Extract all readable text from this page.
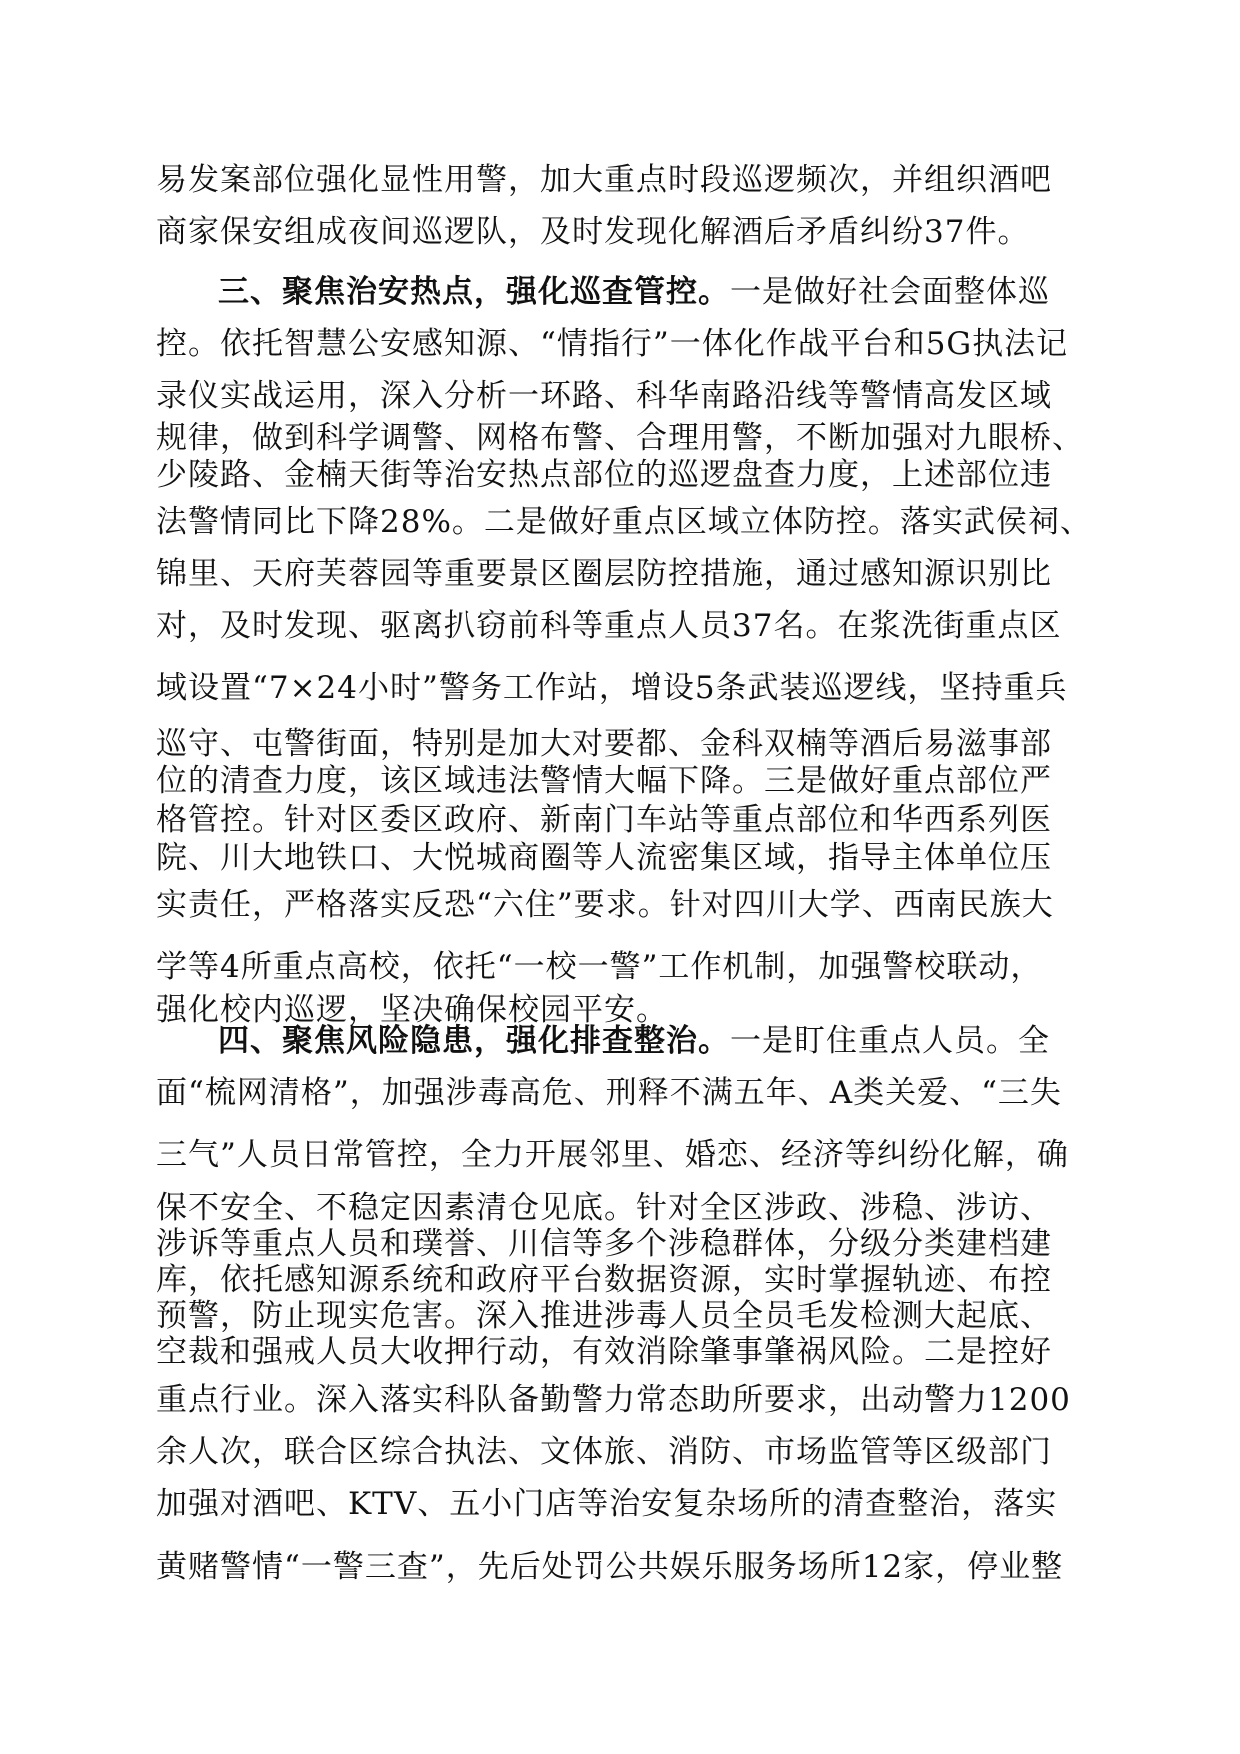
易发案部位强化显性用警，加大重点时段巡逻频次，并组织酒吧
商家保安组成夜间巡逻队，及时发现化解酒后矛盾纠纷37件。
三、聚焦治安热点，强化巡查管控。一是做好社会面整体巡
控。依托智慧公安感知源、“情指行”一体化作战平台和5G执法记
录仪实战运用，深入分析一环路、科华南路沿线等警情高发区域
规律，做到科学调警、网格布警、合理用警，不断加强对九眼桥、
少陵路、金楠天街等治安热点部位的巡逻盘查力度，上述部位违
法警情同比下降28%。二是做好重点区域立体防控。落实武侯祠、
锦里、天府芙蓉园等重要景区圈层防控措施，通过感知源识别比
对，及时发现、驱离扒窃前科等重点人员37名。在浆洗街重点区
域设置“7×24小时”警务工作站，增设5条武装巡逻线，坚持重兵
巡守、屯警街面，特别是加大对要都、金科双楠等酒后易滋事部
位的清查力度，该区域违法警情大幅下降。三是做好重点部位严
格管控。针对区委区政府、新南门车站等重点部位和华西系列医
院、川大地铁口、大悦城商圈等人流密集区域，指导主体单位压
实责任，严格落实反恐“六住”要求。针对四川大学、西南民族大
学等4所重点高校，依托“一校一警”工作机制，加强警校联动，
强化校内巡逻，坚决确保校园平安。
四、聚焦风险隐患，强化排查整治。一是盯住重点人员。全
面“梳网清格”，加强涉毒高危、刑释不满五年、A类关爱、“三失
三气”人员日常管控，全力开展邻里、婚恋、经济等纠纷化解，确
保不安全、不稳定因素清仓见底。针对全区涉政、涉稳、涉访、
涉诉等重点人员和璞誉、川信等多个涉稳群体，分级分类建档建
库，依托感知源系统和政府平台数据资源，实时掌握轨迹、布控
预警，防止现实危害。深入推进涉毒人员全员毛发检测大起底、
空裁和强戒人员大收押行动，有效消除肇事肇祸风险。二是控好
重点行业。深入落实科队备勤警力常态助所要求，出动警力1200
余人次，联合区综合执法、文体旅、消防、市场监管等区级部门
加强对酒吧、KTV、五小门店等治安复杂场所的清查整治，落实
黄赌警情“一警三查”，先后处罚公共娱乐服务场所12家，停业整
